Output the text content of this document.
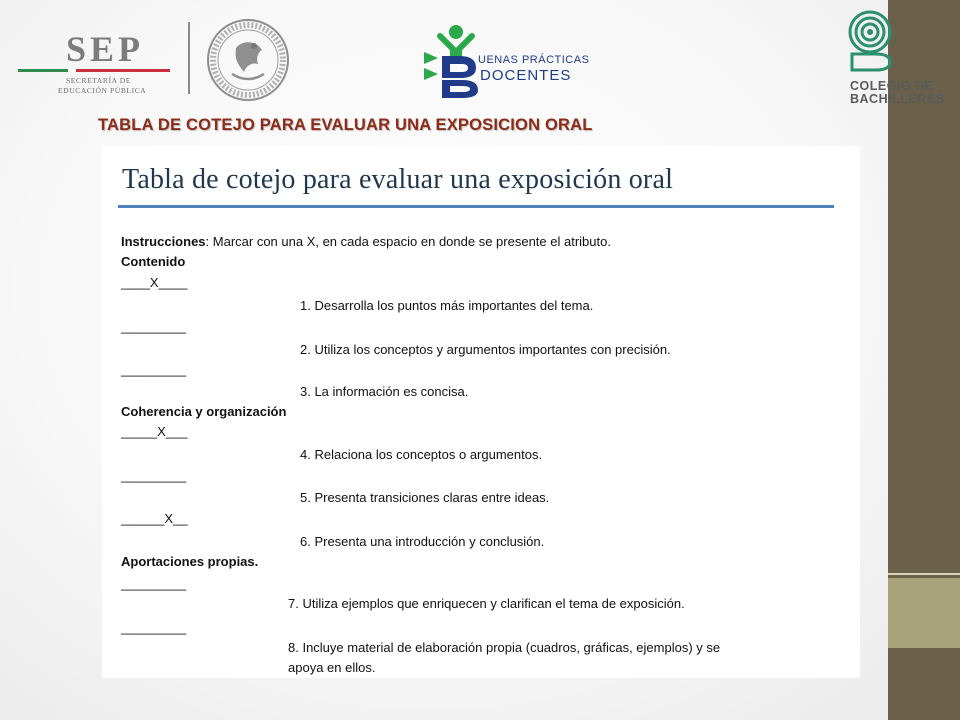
SEP
SECRETARÍA DE
EDUCACIÓN PÚBLICA
UENAS PRÁCTICAS
DOCENTES
COLEGIO DE
BACHILLERES
TABLA DE COTEJO PARA EVALUAR UNA EXPOSICION ORAL
Tabla de cotejo para evaluar una exposición oral
Instrucciones: Marcar con una X, en cada espacio en donde se presente el atributo.
Contenido
____X____
1. Desarrolla los puntos más importantes del tema.
_________
2. Utiliza los conceptos y argumentos importantes con precisión.
_________
3. La información es concisa.
Coherencia y organización
_____X___
4. Relaciona los conceptos o argumentos.
_________
5. Presenta transiciones claras entre ideas.
______X__
6. Presenta una introducción y conclusión.
Aportaciones propias.
_________
7. Utiliza ejemplos que enriquecen y clarifican el tema de exposición.
_________
8. Incluye material de elaboración propia (cuadros, gráficas, ejemplos) y se
apoya en ellos.
